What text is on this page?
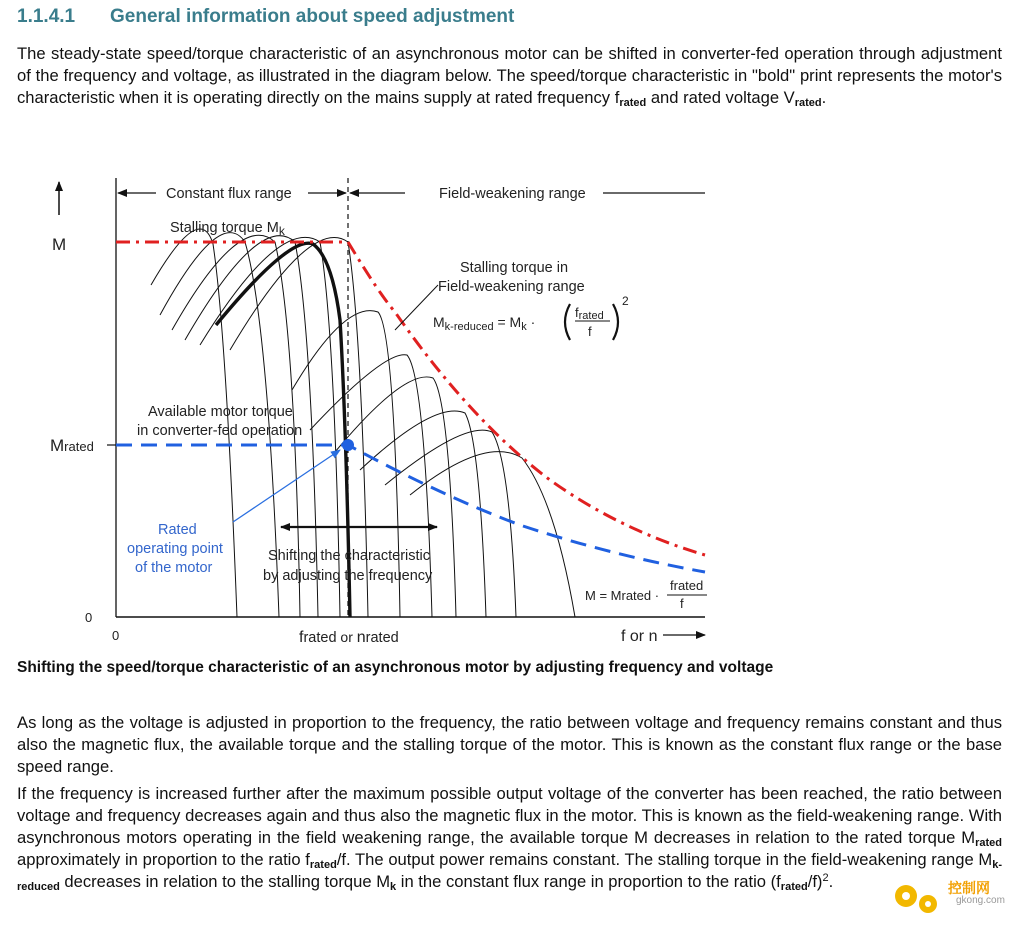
1.1.4.1 General information about speed adjustment
The steady-state speed/torque characteristic of an asynchronous motor can be shifted in converter-fed operation through adjustment of the frequency and voltage, as illustrated in the diagram below. The speed/torque characteristic in "bold" print represents the motor's characteristic when it is operating directly on the mains supply at rated frequency $f_{rated}$ and rated voltage $V_{rated}$.
M
Constant flux range	Field-weakening range
0
0	f or n
frated or nrated
Mrated
Stalling torque $M_k$
Stalling torque in
Field-weakening range
$M_{k-reduced} = M_k$ ·
frated
f
2
Available motor torque
in converter-fed operation
Rated
operating point
of the motor
Shifting the characteristic
by adjusting the frequency
M = Mrated ·
frated
f
Shifting the speed/torque characteristic of an asynchronous motor by adjusting frequency and voltage
As long as the voltage is adjusted in proportion to the frequency, the ratio between voltage and frequency remains constant and thus also the magnetic flux, the available torque and the stalling torque of the motor. This is known as the constant flux range or the base speed range.
If the frequency is increased further after the maximum possible output voltage of the converter has been reached, the ratio between voltage and frequency decreases again and thus also the magnetic flux in the motor. This is known as the field-weakening range. With asynchronous motors operating in the field weakening range, the available torque M decreases in relation to the rated torque $M_{rated}$ approximately in proportion to the ratio $f_{rated}/f$. The output power remains constant. The stalling torque in the field-weakening range $M_{k-reduced}$ decreases in relation to the stalling torque $M_k$ in the constant flux range in proportion to the ratio $(f_{rated}/f)^2$.	控制网
gkong.com
